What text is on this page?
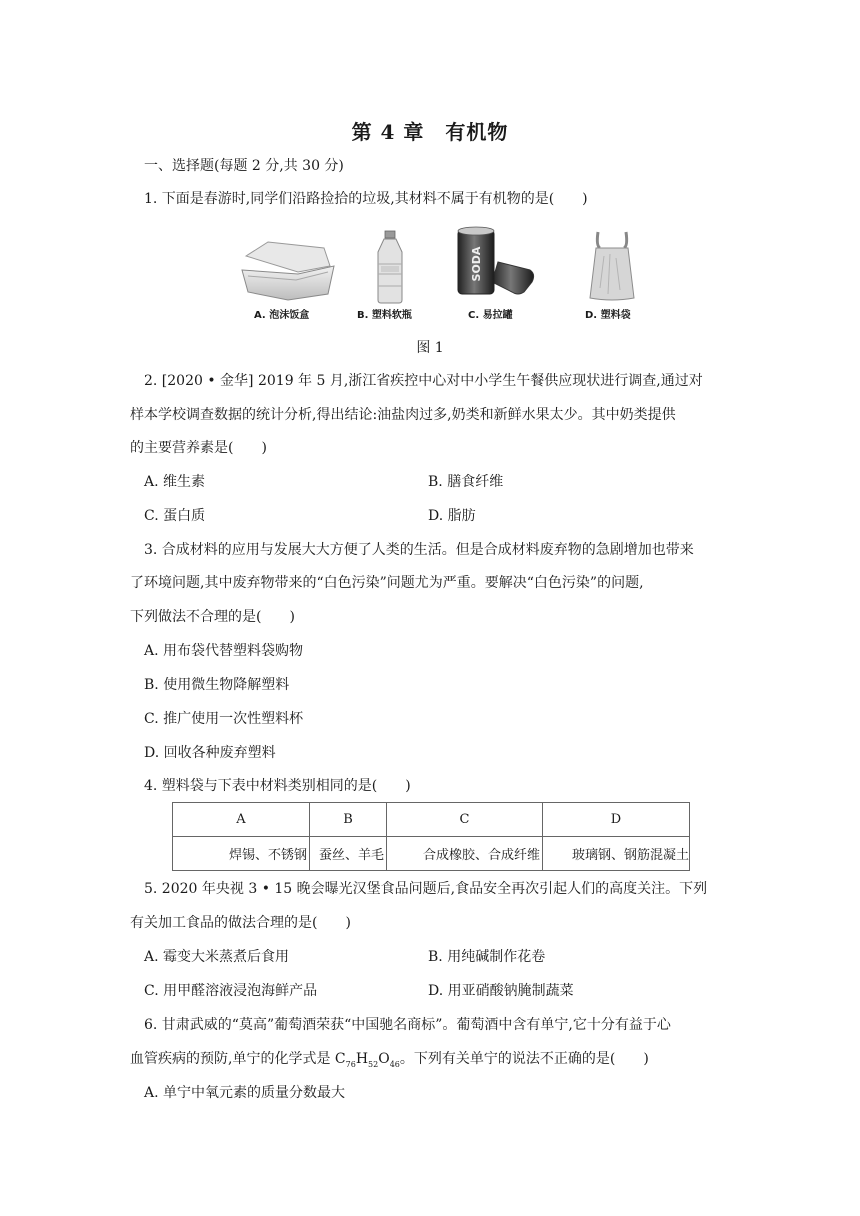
第 4 章　有机物
一、选择题(每题 2 分,共 30 分)
1. 下面是春游时,同学们沿路捡拾的垃圾,其材料不属于有机物的是(　　)
SODA
A. 泡沫饭盒	B. 塑料软瓶	C. 易拉罐	D. 塑料袋
图 1
2. [2020 • 金华] 2019 年 5 月,浙江省疾控中心对中小学生午餐供应现状进行调查,通过对
样本学校调查数据的统计分析,得出结论:油盐肉过多,奶类和新鲜水果太少。其中奶类提供
的主要营养素是(　　)
A. 维生素	B. 膳食纤维
C. 蛋白质	D. 脂肪
3. 合成材料的应用与发展大大方便了人类的生活。但是合成材料废弃物的急剧增加也带来
了环境问题,其中废弃物带来的“白色污染”问题尤为严重。要解决“白色污染”的问题,
下列做法不合理的是(　　)
A. 用布袋代替塑料袋购物
B. 使用微生物降解塑料
C. 推广使用一次性塑料杯
D. 回收各种废弃塑料
4. 塑料袋与下表中材料类别相同的是(　　)
A	B	C	D
焊锡、不锈钢	蚕丝、羊毛	合成橡胶、合成纤维	玻璃钢、钢筋混凝土
5. 2020 年央视 3 • 15 晚会曝光汉堡食品问题后,食品安全再次引起人们的高度关注。下列
有关加工食品的做法合理的是(　　)
A. 霉变大米蒸煮后食用	B. 用纯碱制作花卷
C. 用甲醛溶液浸泡海鲜产品	D. 用亚硝酸钠腌制蔬菜
6. 甘肃武威的“莫高”葡萄酒荣获“中国驰名商标”。葡萄酒中含有单宁,它十分有益于心
血管疾病的预防,单宁的化学式是 $C_{76}H_{52}O_{46}$。下列有关单宁的说法不正确的是(　　)
A. 单宁中氧元素的质量分数最大
